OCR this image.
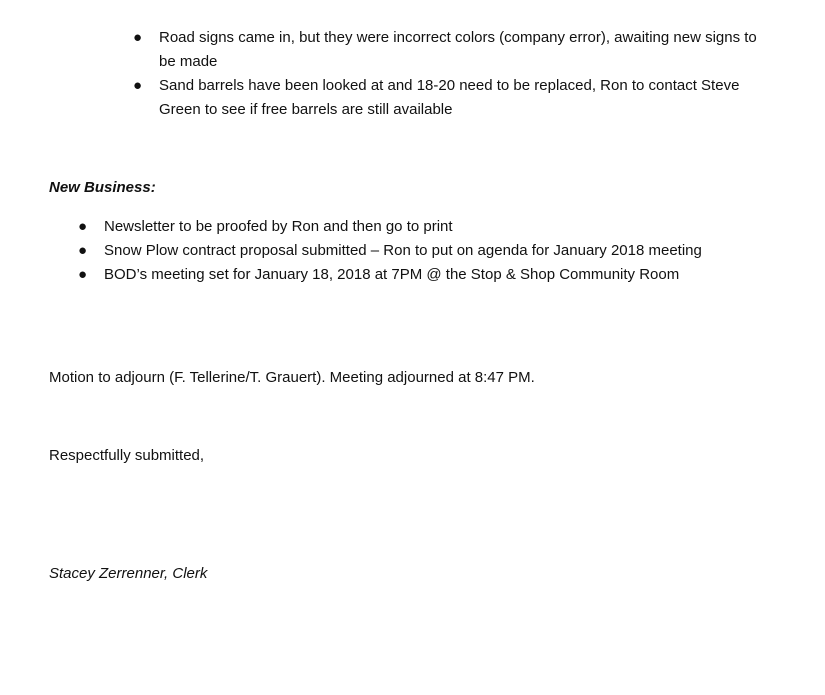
● Road signs came in, but they were incorrect colors (company error), awaiting new signs to be made
● Sand barrels have been looked at and 18-20 need to be replaced, Ron to contact Steve Green to see if free barrels are still available
New Business:
● Newsletter to be proofed by Ron and then go to print
● Snow Plow contract proposal submitted – Ron to put on agenda for January 2018 meeting
● BOD’s meeting set for January 18, 2018 at 7PM @ the Stop & Shop Community Room
Motion to adjourn (F. Tellerine/T. Grauert). Meeting adjourned at 8:47 PM.
Respectfully submitted,
Stacey Zerrenner, Clerk
